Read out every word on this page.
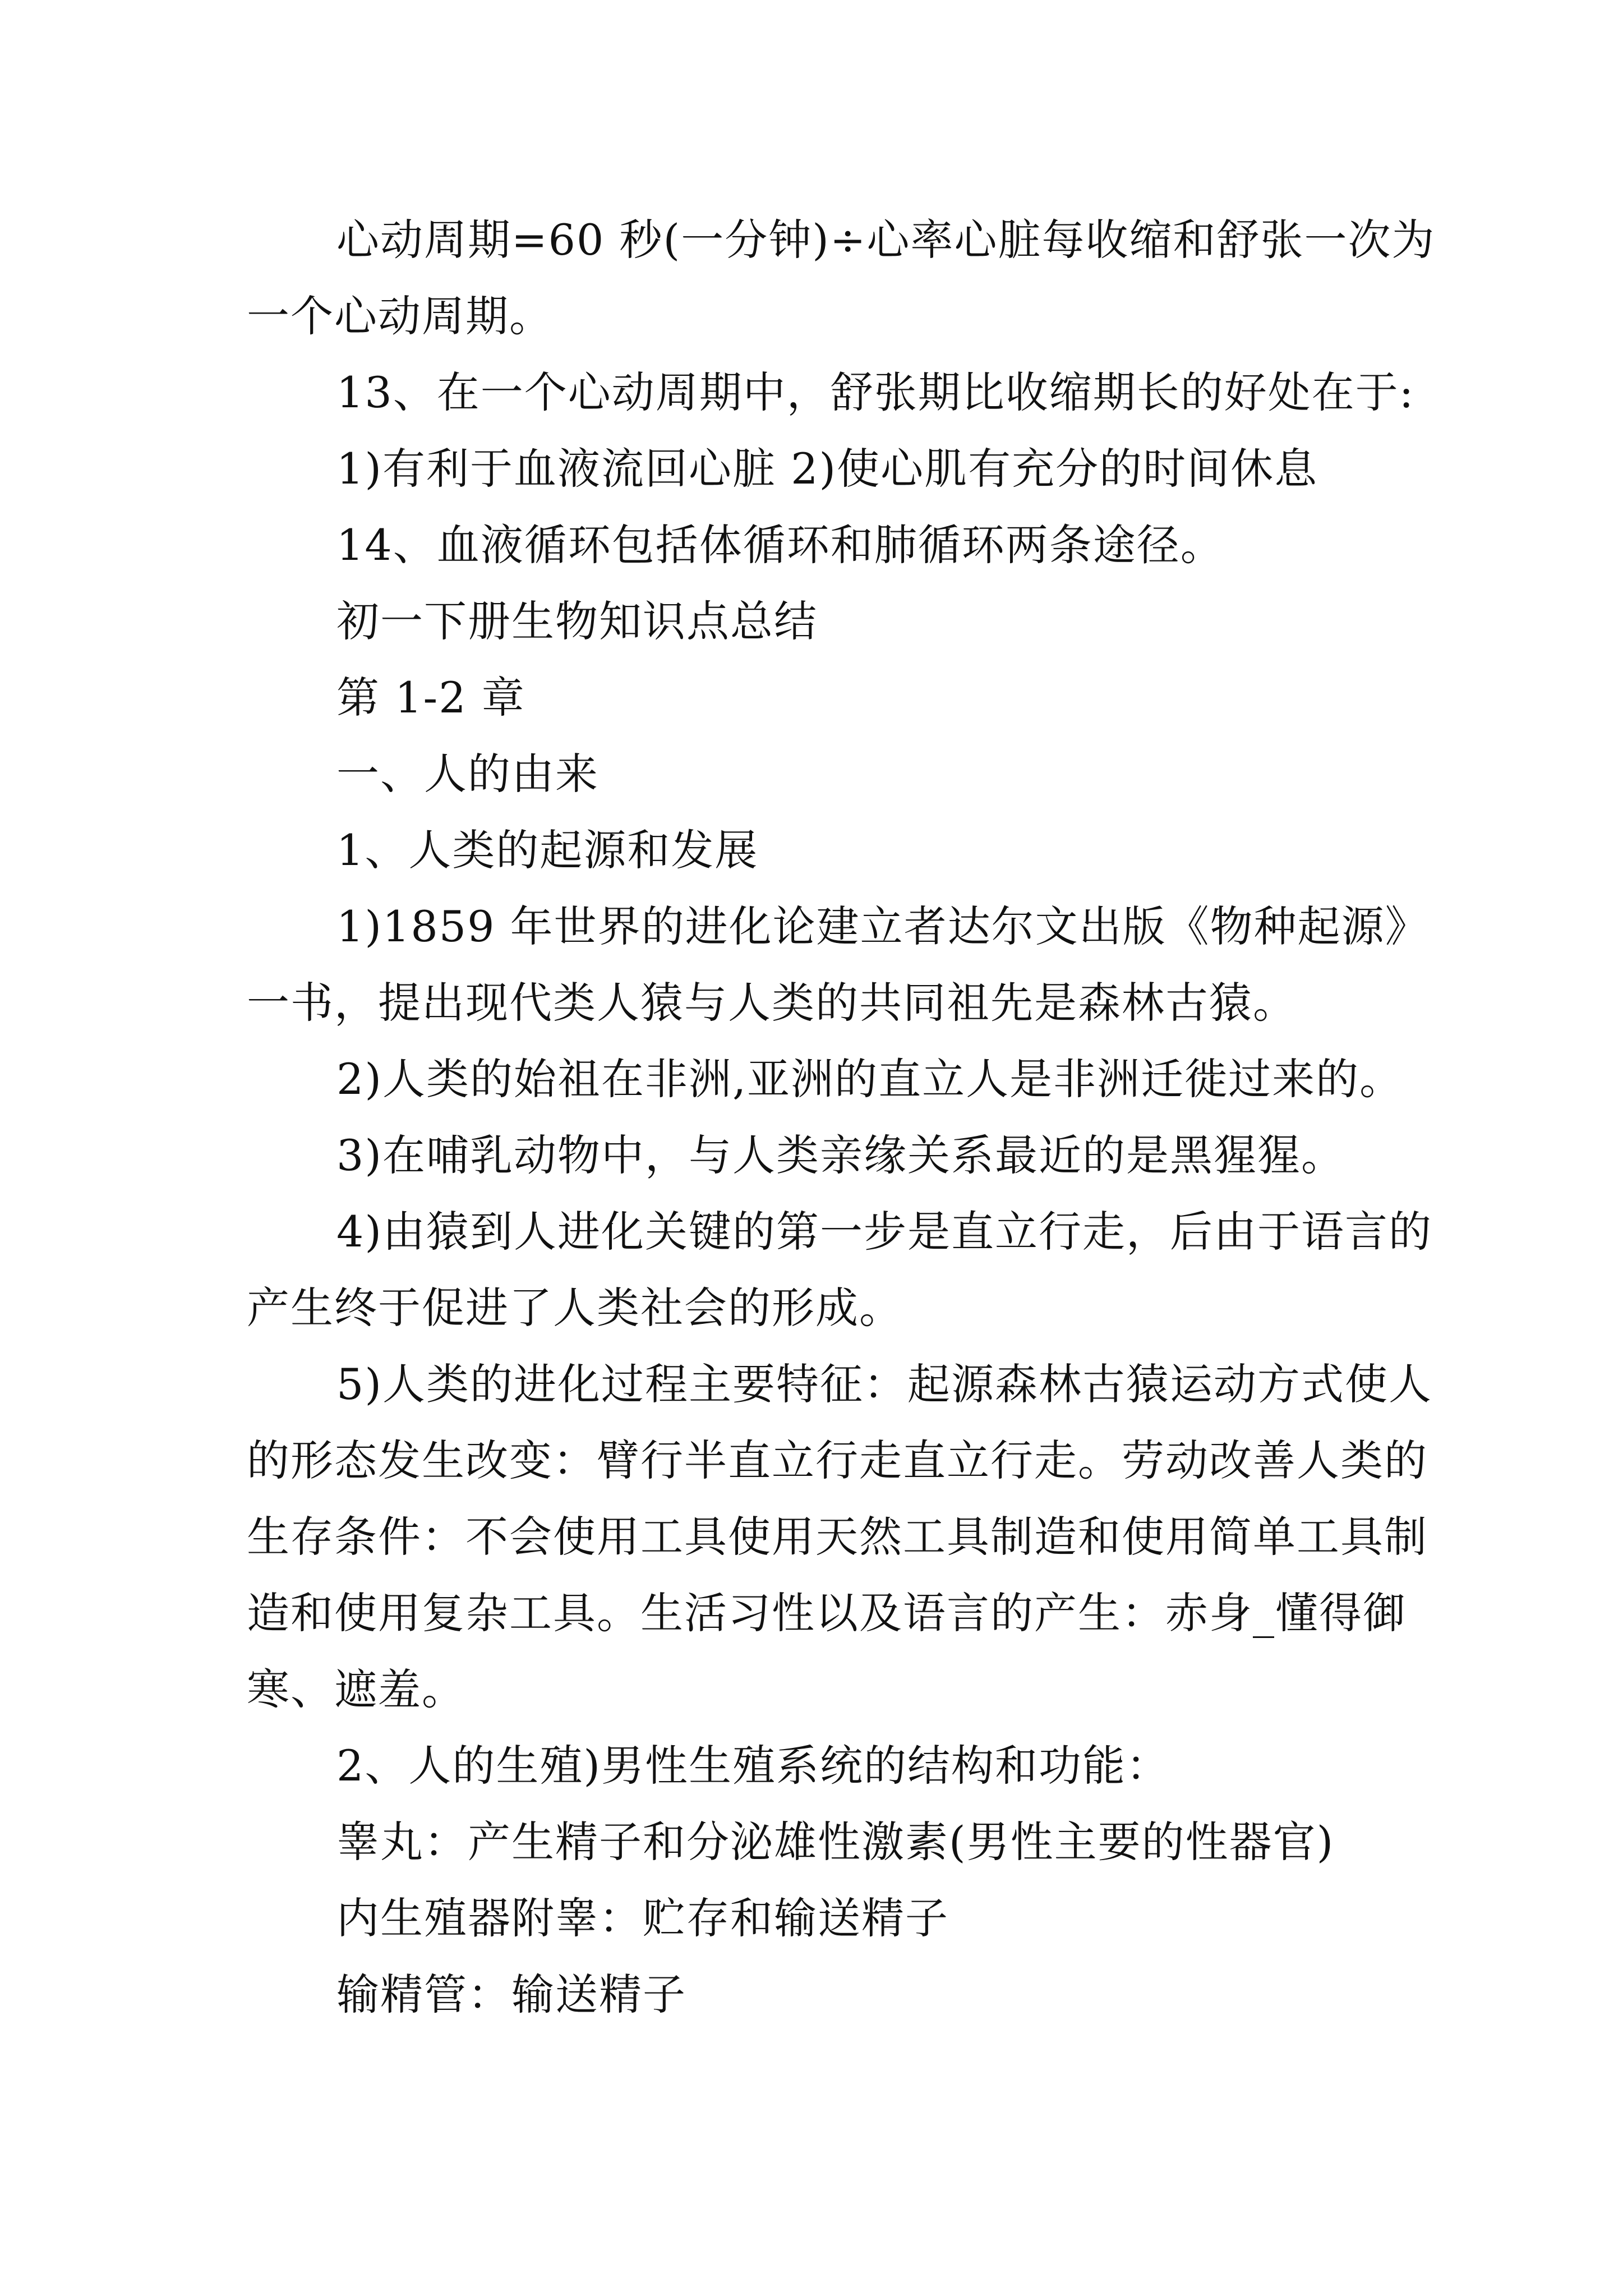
心动周期=60 秒(一分钟)÷心率心脏每收缩和舒张一次为一个心动周期。

13、在一个心动周期中，舒张期比收缩期长的好处在于:

1)有利于血液流回心脏 2)使心肌有充分的时间休息

14、血液循环包括体循环和肺循环两条途径。

初一下册生物知识点总结

第 1-2 章

一、人的由来

1、人类的起源和发展

1)1859 年世界的进化论建立者达尔文出版《物种起源》一书，提出现代类人猿与人类的共同祖先是森林古猿。

2)人类的始祖在非洲,亚洲的直立人是非洲迁徙过来的。

3)在哺乳动物中，与人类亲缘关系最近的是黑猩猩。

4)由猿到人进化关键的第一步是直立行走，后由于语言的产生终于促进了人类社会的形成。

5)人类的进化过程主要特征：起源森林古猿运动方式使人的形态发生改变：臂行半直立行走直立行走。劳动改善人类的生存条件：不会使用工具使用天然工具制造和使用简单工具制造和使用复杂工具。生活习性以及语言的产生：赤身_懂得御寒、遮羞。

2、人的生殖)男性生殖系统的结构和功能：

睾丸：产生精子和分泌雄性激素(男性主要的性器官)

内生殖器附睾：贮存和输送精子

输精管：输送精子
